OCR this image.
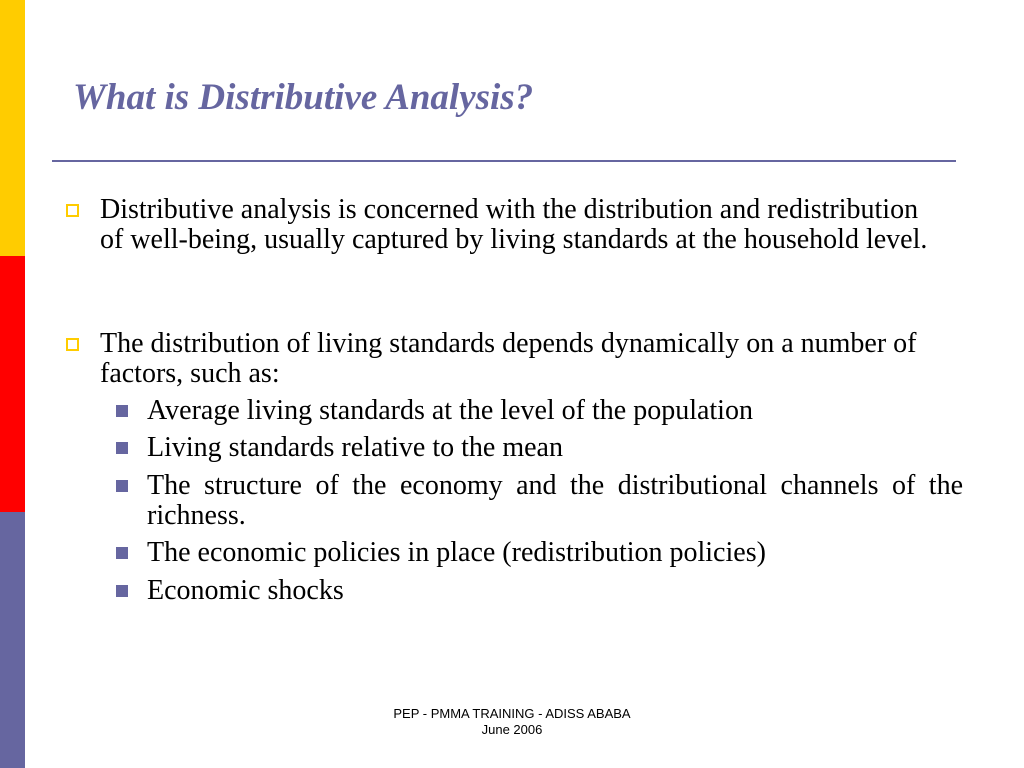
What is Distributive Analysis?

Distributive analysis is concerned with the distribution and redistribution of well-being, usually captured by living standards at the household level.

The distribution of living standards depends dynamically on a number of factors, such as:

Average living standards at the level of the population

Living standards relative to the mean

The structure of the economy and the distributional channels of the richness.

The economic policies in place (redistribution policies)

Economic shocks

PEP - PMMA TRAINING - ADISS ABABA
June 2006
